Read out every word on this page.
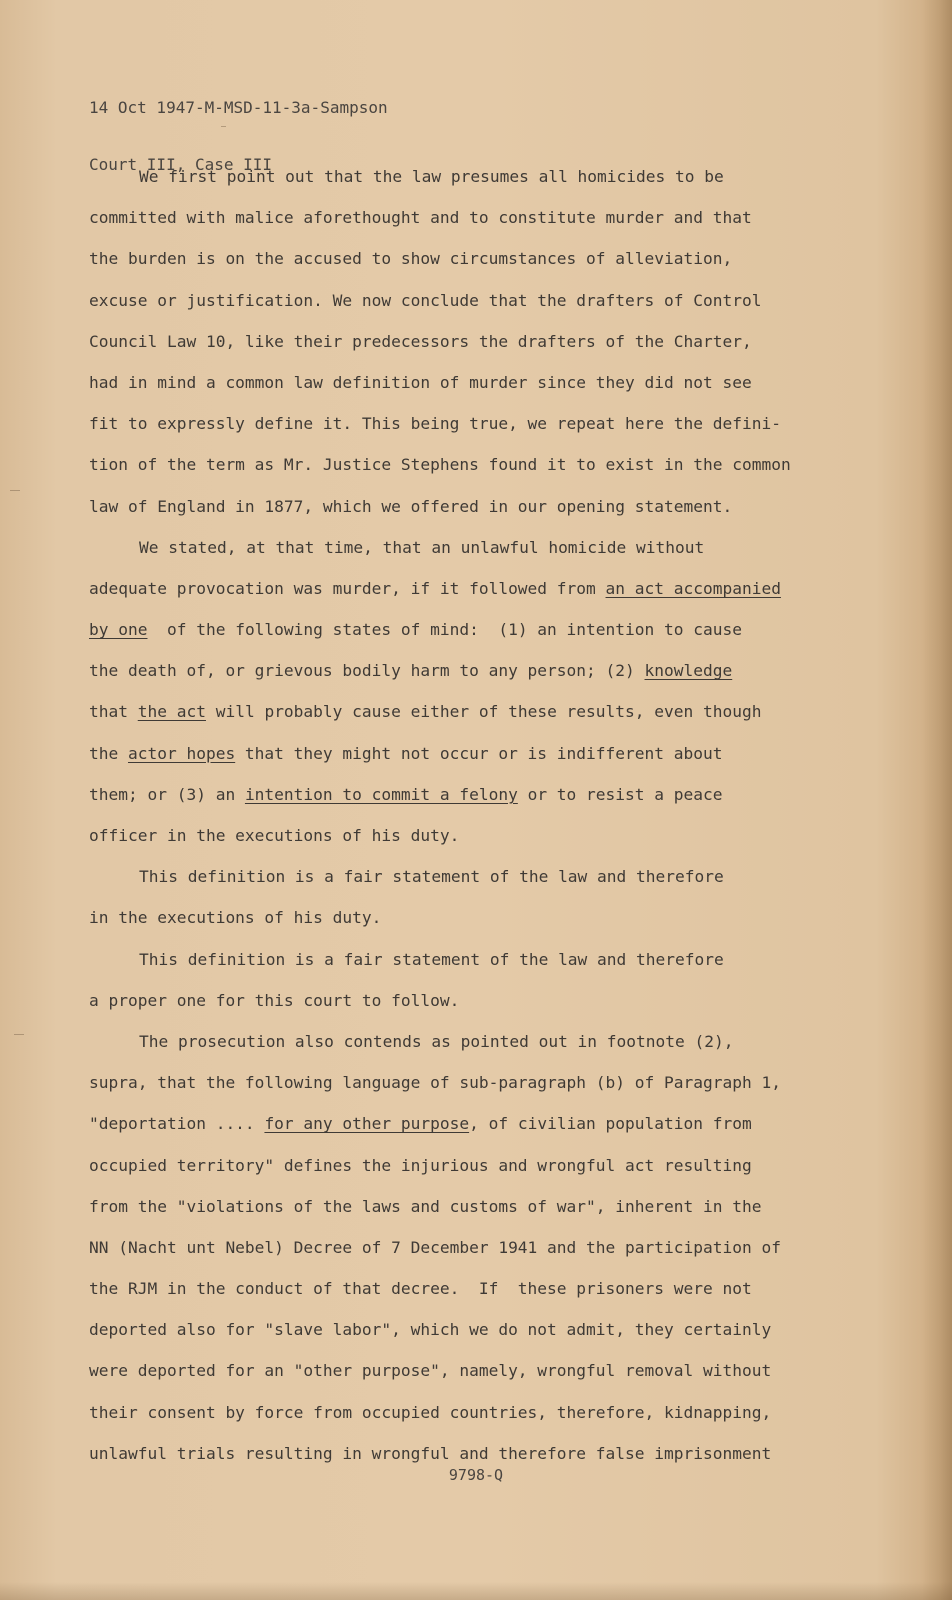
14 Oct 1947-M-MSD-11-3a-Sampson

Court III, Case III

We first point out that the law presumes all homicides to be
committed with malice aforethought and to constitute murder and that
the burden is on the accused to show circumstances of alleviation,
excuse or justification. We now conclude that the drafters of Control
Council Law 10, like their predecessors the drafters of the Charter,
had in mind a common law definition of murder since they did not see
fit to expressly define it. This being true, we repeat here the defini-
tion of the term as Mr. Justice Stephens found it to exist in the common
law of England in 1877, which we offered in our opening statement.
We stated, at that time, that an unlawful homicide without
adequate provocation was murder, if it followed from an act accompanied
by one  of the following states of mind:  (1) an intention to cause
the death of, or grievous bodily harm to any person; (2) knowledge
that the act will probably cause either of these results, even though
the actor hopes that they might not occur or is indifferent about
them; or (3) an intention to commit a felony or to resist a peace
officer in the executions of his duty.
This definition is a fair statement of the law and therefore
in the executions of his duty.
This definition is a fair statement of the law and therefore
a proper one for this court to follow.
The prosecution also contends as pointed out in footnote (2),
supra, that the following language of sub-paragraph (b) of Paragraph 1,
"deportation .... for any other purpose, of civilian population from
occupied territory" defines the injurious and wrongful act resulting
from the "violations of the laws and customs of war", inherent in the
NN (Nacht unt Nebel) Decree of 7 December 1941 and the participation of
the RJM in the conduct of that decree.  If  these prisoners were not
deported also for "slave labor", which we do not admit, they certainly
were deported for an "other purpose", namely, wrongful removal without
their consent by force from occupied countries, therefore, kidnapping,
unlawful trials resulting in wrongful and therefore false imprisonment
9798-Q
